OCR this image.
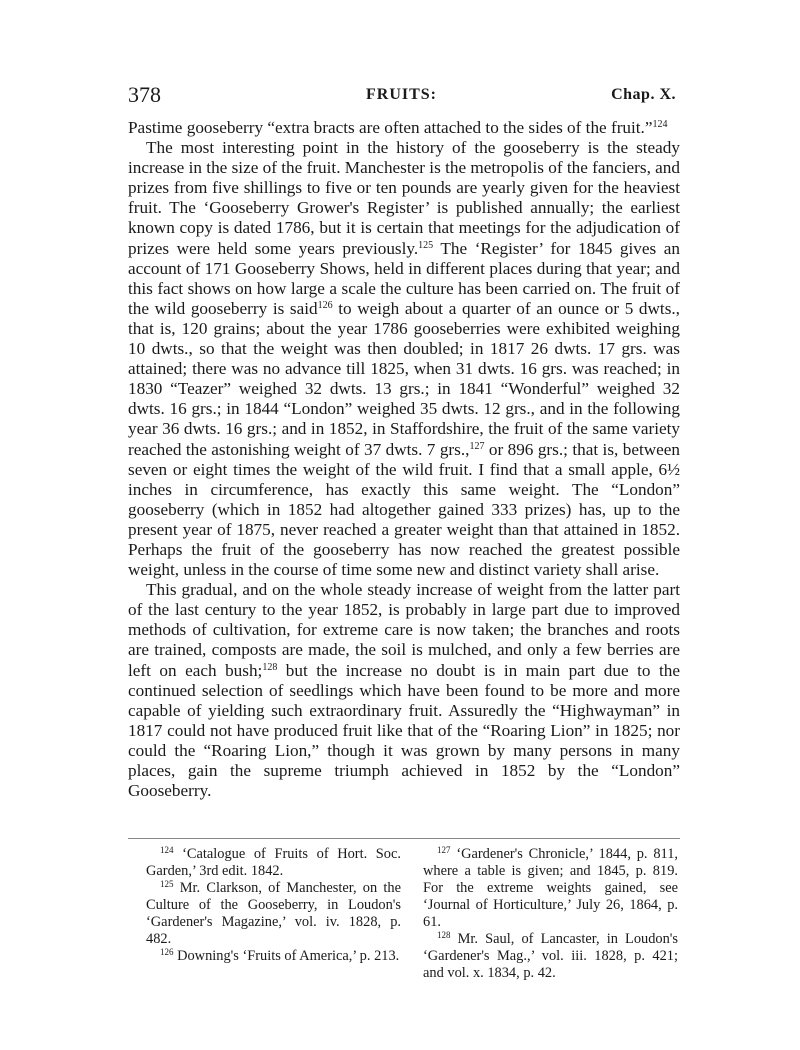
378	FRUITS:	Chap. X.

Pastime gooseberry “extra bracts are often attached to the sides of the fruit.”$^{124}$

The most interesting point in the history of the gooseberry is the steady increase in the size of the fruit. Manchester is the metropolis of the fanciers, and prizes from five shillings to five or ten pounds are yearly given for the heaviest fruit. The ‘Gooseberry Grower's Register’ is published annually; the earliest known copy is dated 1786, but it is certain that meetings for the adjudication of prizes were held some years previously.$^{125}$ The ‘Register’ for 1845 gives an account of 171 Gooseberry Shows, held in different places during that year; and this fact shows on how large a scale the culture has been carried on. The fruit of the wild gooseberry is said$^{126}$ to weigh about a quarter of an ounce or 5 dwts., that is, 120 grains; about the year 1786 gooseberries were exhibited weighing 10 dwts., so that the weight was then doubled; in 1817 26 dwts. 17 grs. was attained; there was no advance till 1825, when 31 dwts. 16 grs. was reached; in 1830 “Teazer” weighed 32 dwts. 13 grs.; in 1841 “Wonderful” weighed 32 dwts. 16 grs.; in 1844 “London” weighed 35 dwts. 12 grs., and in the following year 36 dwts. 16 grs.; and in 1852, in Staffordshire, the fruit of the same variety reached the astonishing weight of 37 dwts. 7 grs.,$^{127}$ or 896 grs.; that is, between seven or eight times the weight of the wild fruit. I find that a small apple, 6½ inches in circumference, has exactly this same weight. The “London” gooseberry (which in 1852 had altogether gained 333 prizes) has, up to the present year of 1875, never reached a greater weight than that attained in 1852. Perhaps the fruit of the gooseberry has now reached the greatest possible weight, unless in the course of time some new and distinct variety shall arise.

This gradual, and on the whole steady increase of weight from the latter part of the last century to the year 1852, is probably in large part due to improved methods of cultivation, for extreme care is now taken; the branches and roots are trained, composts are made, the soil is mulched, and only a few berries are left on each bush;$^{128}$ but the increase no doubt is in main part due to the continued selection of seedlings which have been found to be more and more capable of yielding such extraordinary fruit. Assuredly the “Highwayman” in 1817 could not have produced fruit like that of the “Roaring Lion” in 1825; nor could the “Roaring Lion,” though it was grown by many persons in many places, gain the supreme triumph achieved in 1852 by the “London” Gooseberry.

$^{124}$ ‘Catalogue of Fruits of Hort. Soc. Garden,’ 3rd edit. 1842.

$^{125}$ Mr. Clarkson, of Manchester, on the Culture of the Gooseberry, in Loudon's ‘Gardener's Magazine,’ vol. iv. 1828, p. 482.

$^{126}$ Downing's ‘Fruits of America,’ p. 213.

$^{127}$ ‘Gardener's Chronicle,’ 1844, p. 811, where a table is given; and 1845, p. 819. For the extreme weights gained, see ‘Journal of Horticulture,’ July 26, 1864, p. 61.

$^{128}$ Mr. Saul, of Lancaster, in Loudon's ‘Gardener's Mag.,’ vol. iii. 1828, p. 421; and vol. x. 1834, p. 42.
